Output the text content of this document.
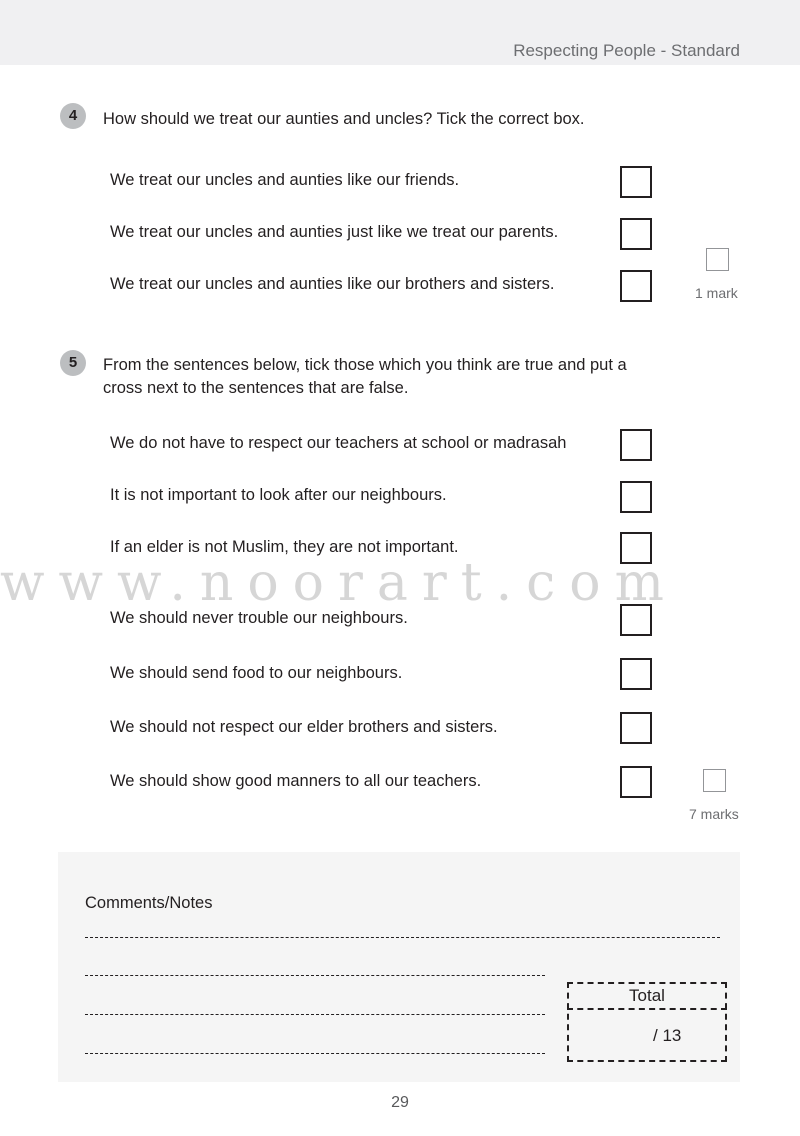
Respecting People - Standard
4	How should we treat our aunties and uncles? Tick the correct box.
We treat our uncles and aunties like our friends.
We treat our uncles and aunties just like we treat our parents.
We treat our uncles and aunties like our brothers and sisters.	1 mark
5	From the sentences below, tick those which you think are true and put a
cross next to the sentences that are false.
We do not have to respect our teachers at school or madrasah
It is not important to look after our neighbours.
If an elder is not Muslim, they are not important.
www.noorart.com
We should never trouble our neighbours.
We should send food to our neighbours.
We should not respect our elder brothers and sisters.
We should show good manners to all our teachers.
7 marks
Comments/Notes
Total
/ 13
29
